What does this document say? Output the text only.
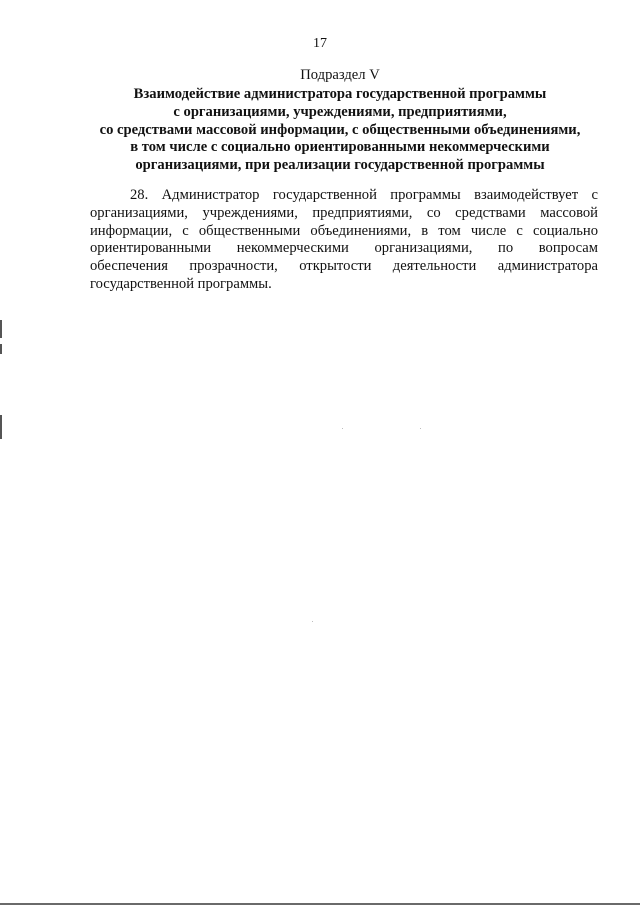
17
Подраздел V
Взаимодействие администратора государственной программы
с организациями, учреждениями, предприятиями,
со средствами массовой информации, с общественными объединениями,
в том числе с социально ориентированными некоммерческими
организациями, при реализации государственной программы

28. Администратор государственной программы взаимодействует с
организациями, учреждениями, предприятиями, со средствами массовой
информации, с общественными объединениями, в том числе с социально
ориентированными некоммерческими организациями, по вопросам
обеспечения прозрачности, открытости деятельности администратора
государственной программы.
